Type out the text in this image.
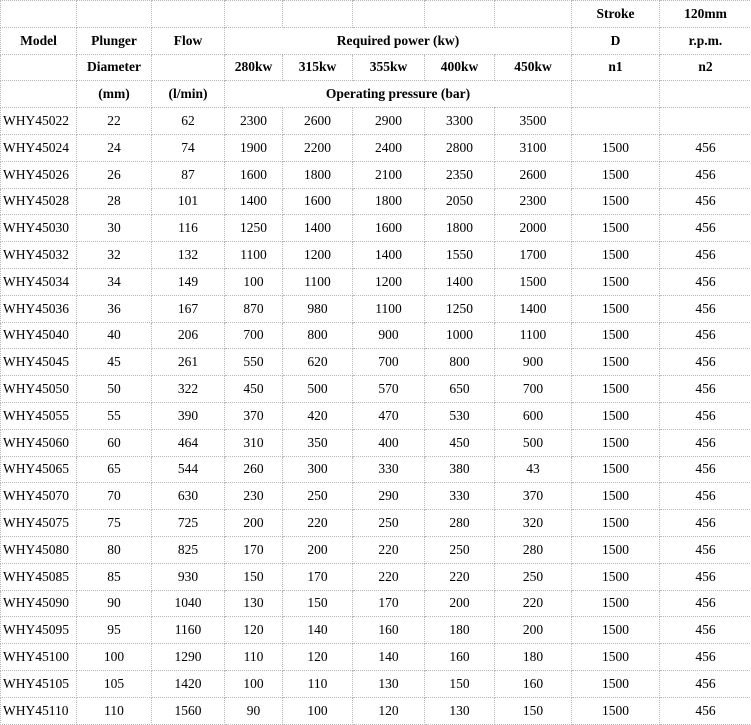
								Stroke	120mm
Model	Plunger	Flow	Required power (kw)					D	r.p.m.
	Diameter		280kw	315kw	355kw	400kw	450kw	n1	n2
	(mm)	(l/min)	Operating pressure (bar)						
WHY45022	22	62	2300	2600	2900	3300	3500		
WHY45024	24	74	1900	2200	2400	2800	3100	1500	456
WHY45026	26	87	1600	1800	2100	2350	2600	1500	456
WHY45028	28	101	1400	1600	1800	2050	2300	1500	456
WHY45030	30	116	1250	1400	1600	1800	2000	1500	456
WHY45032	32	132	1100	1200	1400	1550	1700	1500	456
WHY45034	34	149	100	1100	1200	1400	1500	1500	456
WHY45036	36	167	870	980	1100	1250	1400	1500	456
WHY45040	40	206	700	800	900	1000	1100	1500	456
WHY45045	45	261	550	620	700	800	900	1500	456
WHY45050	50	322	450	500	570	650	700	1500	456
WHY45055	55	390	370	420	470	530	600	1500	456
WHY45060	60	464	310	350	400	450	500	1500	456
WHY45065	65	544	260	300	330	380	43	1500	456
WHY45070	70	630	230	250	290	330	370	1500	456
WHY45075	75	725	200	220	250	280	320	1500	456
WHY45080	80	825	170	200	220	250	280	1500	456
WHY45085	85	930	150	170	220	220	250	1500	456
WHY45090	90	1040	130	150	170	200	220	1500	456
WHY45095	95	1160	120	140	160	180	200	1500	456
WHY45100	100	1290	110	120	140	160	180	1500	456
WHY45105	105	1420	100	110	130	150	160	1500	456
WHY45110	110	1560	90	100	120	130	150	1500	456
